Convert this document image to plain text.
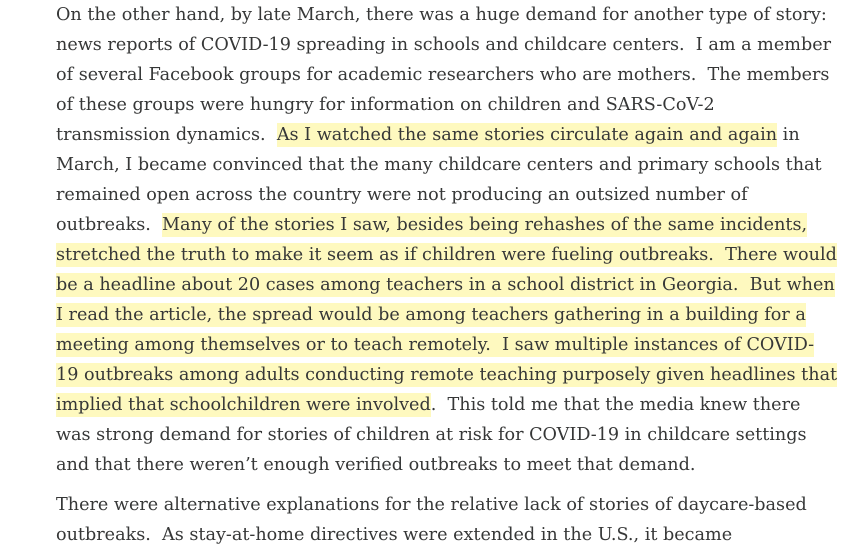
On the other hand, by late March, there was a huge demand for another type of story:
news reports of COVID-19 spreading in schools and childcare centers.  I am a member
of several Facebook groups for academic researchers who are mothers.  The members
of these groups were hungry for information on children and SARS-CoV-2
transmission dynamics.  As I watched the same stories circulate again and again in
March, I became convinced that the many childcare centers and primary schools that
remained open across the country were not producing an outsized number of
outbreaks.  Many of the stories I saw, besides being rehashes of the same incidents,
stretched the truth to make it seem as if children were fueling outbreaks.  There would
be a headline about 20 cases among teachers in a school district in Georgia.  But when
I read the article, the spread would be among teachers gathering in a building for a
meeting among themselves or to teach remotely.  I saw multiple instances of COVID-
19 outbreaks among adults conducting remote teaching purposely given headlines that
implied that schoolchildren were involved.  This told me that the media knew there
was strong demand for stories of children at risk for COVID-19 in childcare settings
and that there weren’t enough verified outbreaks to meet that demand.
There were alternative explanations for the relative lack of stories of daycare-based
outbreaks.  As stay-at-home directives were extended in the U.S., it became
